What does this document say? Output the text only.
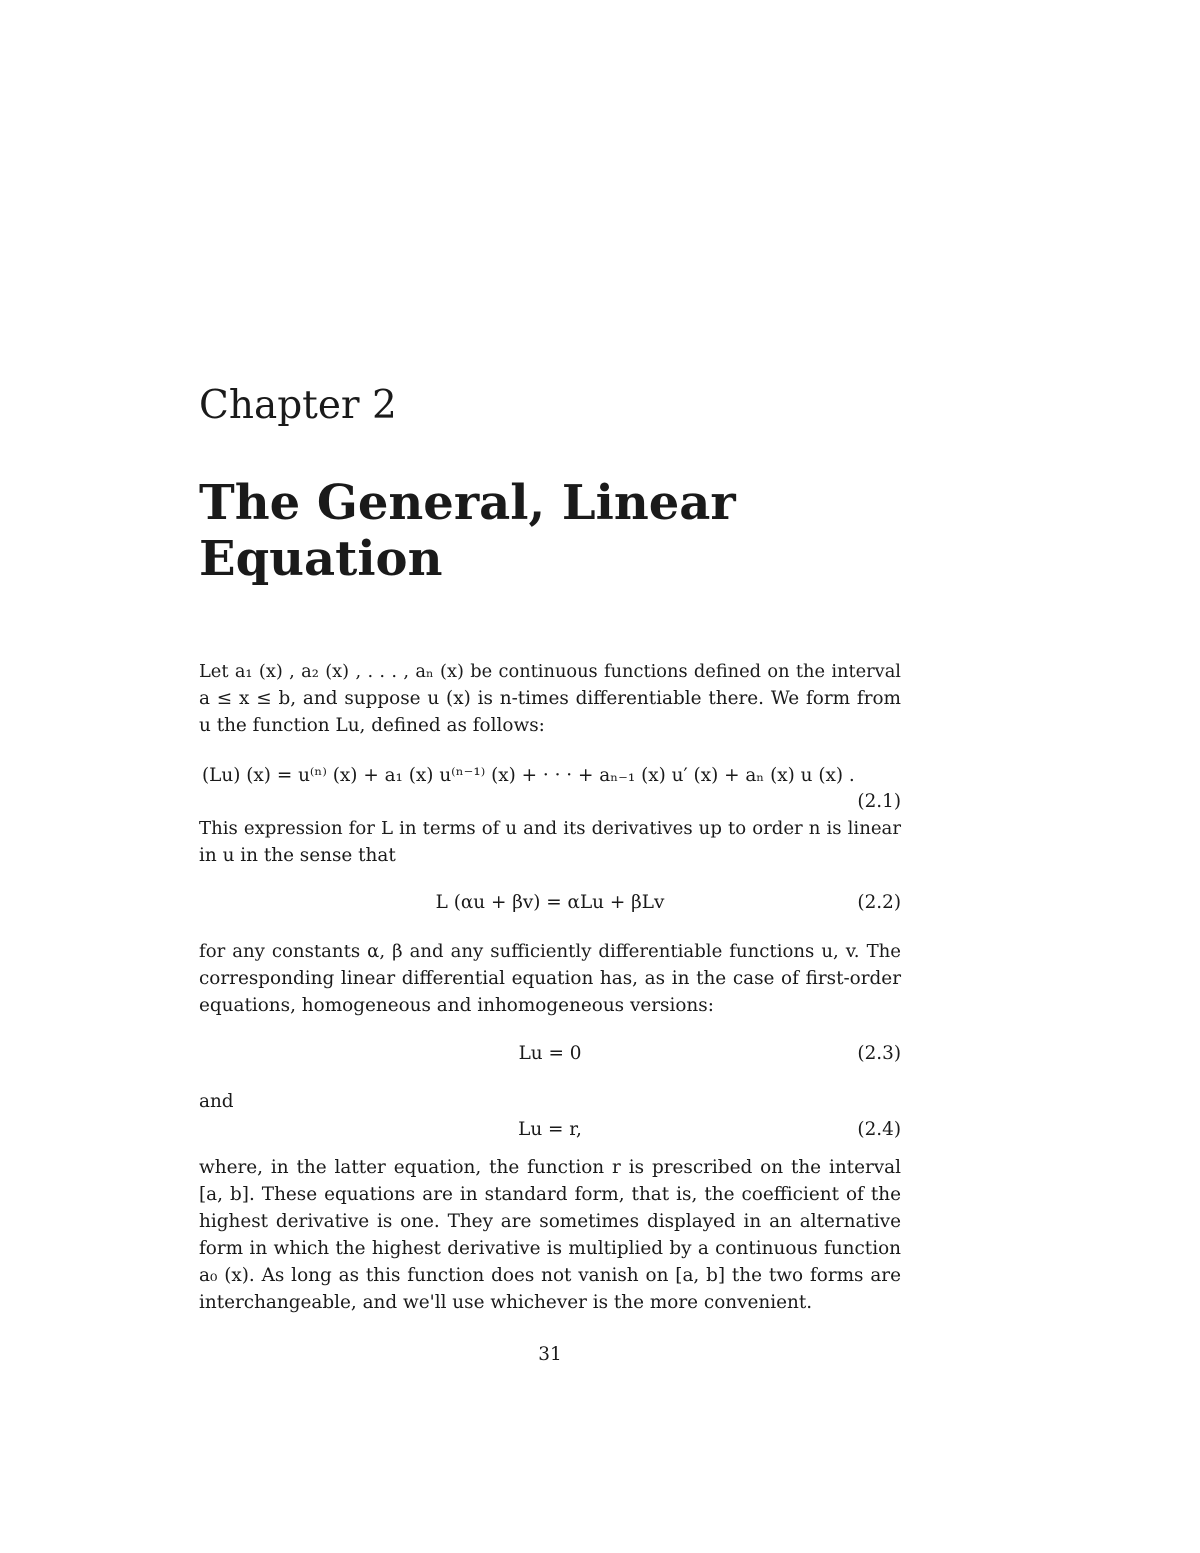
Chapter 2
The General, Linear
Equation
Let a₁ (x) , a₂ (x) , . . . , aₙ (x) be continuous functions defined on the interval
a ≤ x ≤ b, and suppose u (x) is n-times differentiable there. We form from
u the function Lu, defined as follows:
(Lu) (x) = u⁽ⁿ⁾ (x) + a₁ (x) u⁽ⁿ⁻¹⁾ (x) + · · · + aₙ₋₁ (x) u′ (x) + aₙ (x) u (x) .
(2.1)
This expression for L in terms of u and its derivatives up to order n is linear
in u in the sense that
L (αu + βv) = αLu + βLv	(2.2)
for any constants α, β and any sufficiently differentiable functions u, v. The
corresponding linear differential equation has, as in the case of first-order
equations, homogeneous and inhomogeneous versions:
Lu = 0	(2.3)
and
Lu = r,	(2.4)
where, in the latter equation, the function r is prescribed on the interval
[a, b]. These equations are in standard form, that is, the coefficient of the
highest derivative is one. They are sometimes displayed in an alternative
form in which the highest derivative is multiplied by a continuous function
a₀ (x). As long as this function does not vanish on [a, b] the two forms are
interchangeable, and we'll use whichever is the more convenient.
31
